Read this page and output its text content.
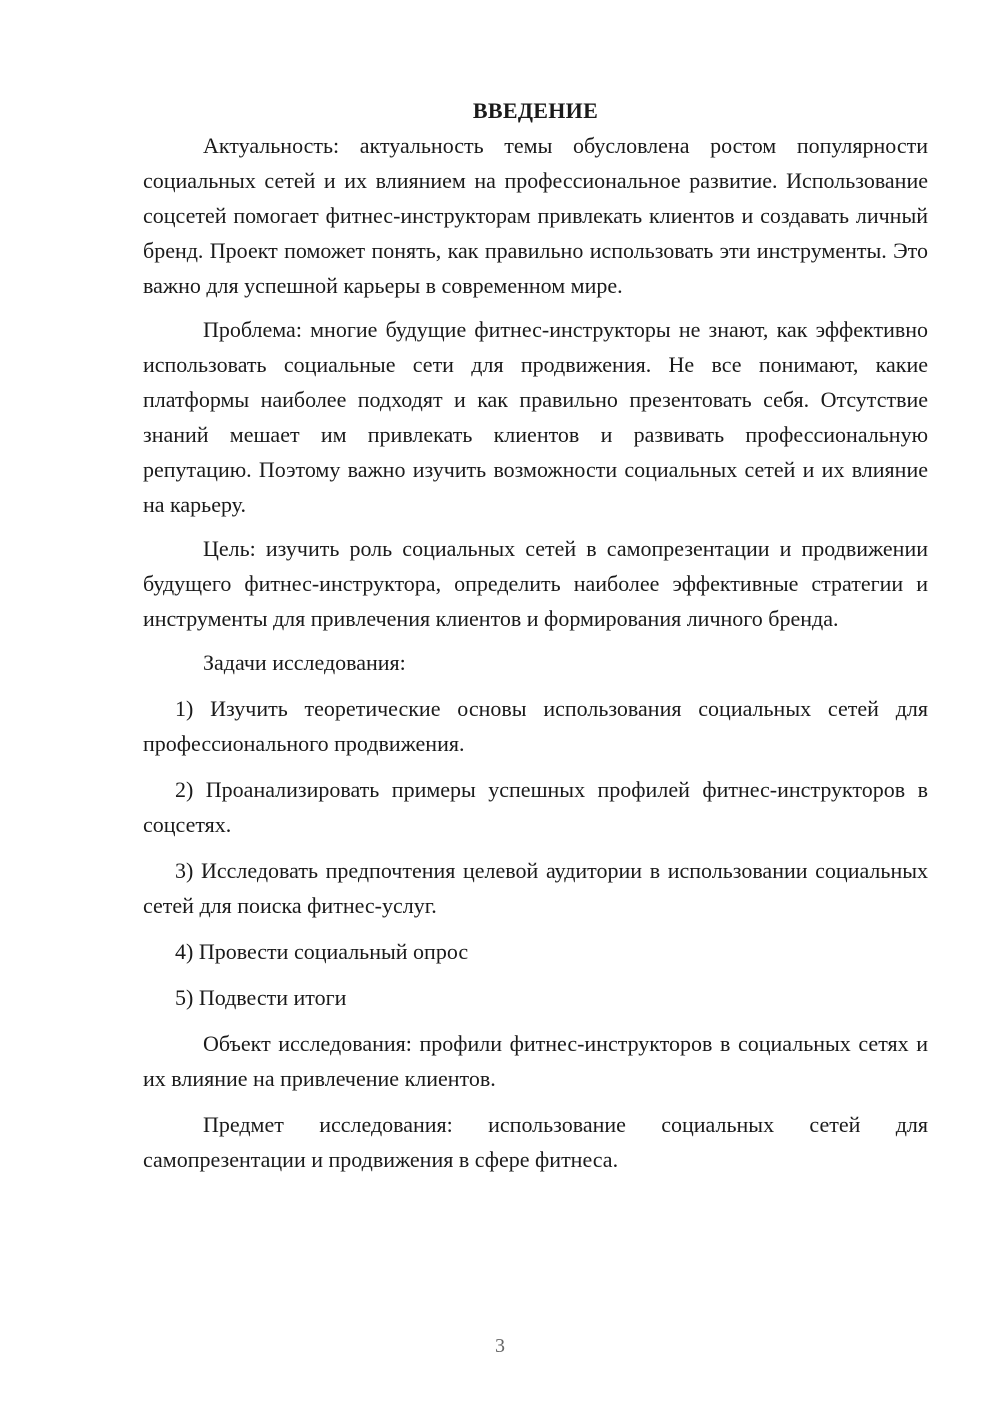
ВВЕДЕНИЕ

Актуальность: актуальность темы обусловлена ростом популярности социальных сетей и их влиянием на профессиональное развитие. Использование соцсетей помогает фитнес-инструкторам привлекать клиентов и создавать личный бренд. Проект поможет понять, как правильно использовать эти инструменты. Это важно для успешной карьеры в современном мире.

Проблема: многие будущие фитнес-инструкторы не знают, как эффективно использовать социальные сети для продвижения. Не все понимают, какие платформы наиболее подходят и как правильно презентовать себя. Отсутствие знаний мешает им привлекать клиентов и развивать профессиональную репутацию. Поэтому важно изучить возможности социальных сетей и их влияние на карьеру.

Цель: изучить роль социальных сетей в самопрезентации и продвижении будущего фитнес-инструктора, определить наиболее эффективные стратегии и инструменты для привлечения клиентов и формирования личного бренда.

Задачи исследования:

1) Изучить теоретические основы использования социальных сетей для профессионального продвижения.

2) Проанализировать примеры успешных профилей фитнес-инструкторов в соцсетях.

3) Исследовать предпочтения целевой аудитории в использовании социальных сетей для поиска фитнес-услуг.

4) Провести социальный опрос

5) Подвести итоги

Объект исследования: профили фитнес-инструкторов в социальных сетях и их влияние на привлечение клиентов.

Предмет исследования: использование социальных сетей для самопрезентации и продвижения в сфере фитнеса.

3
